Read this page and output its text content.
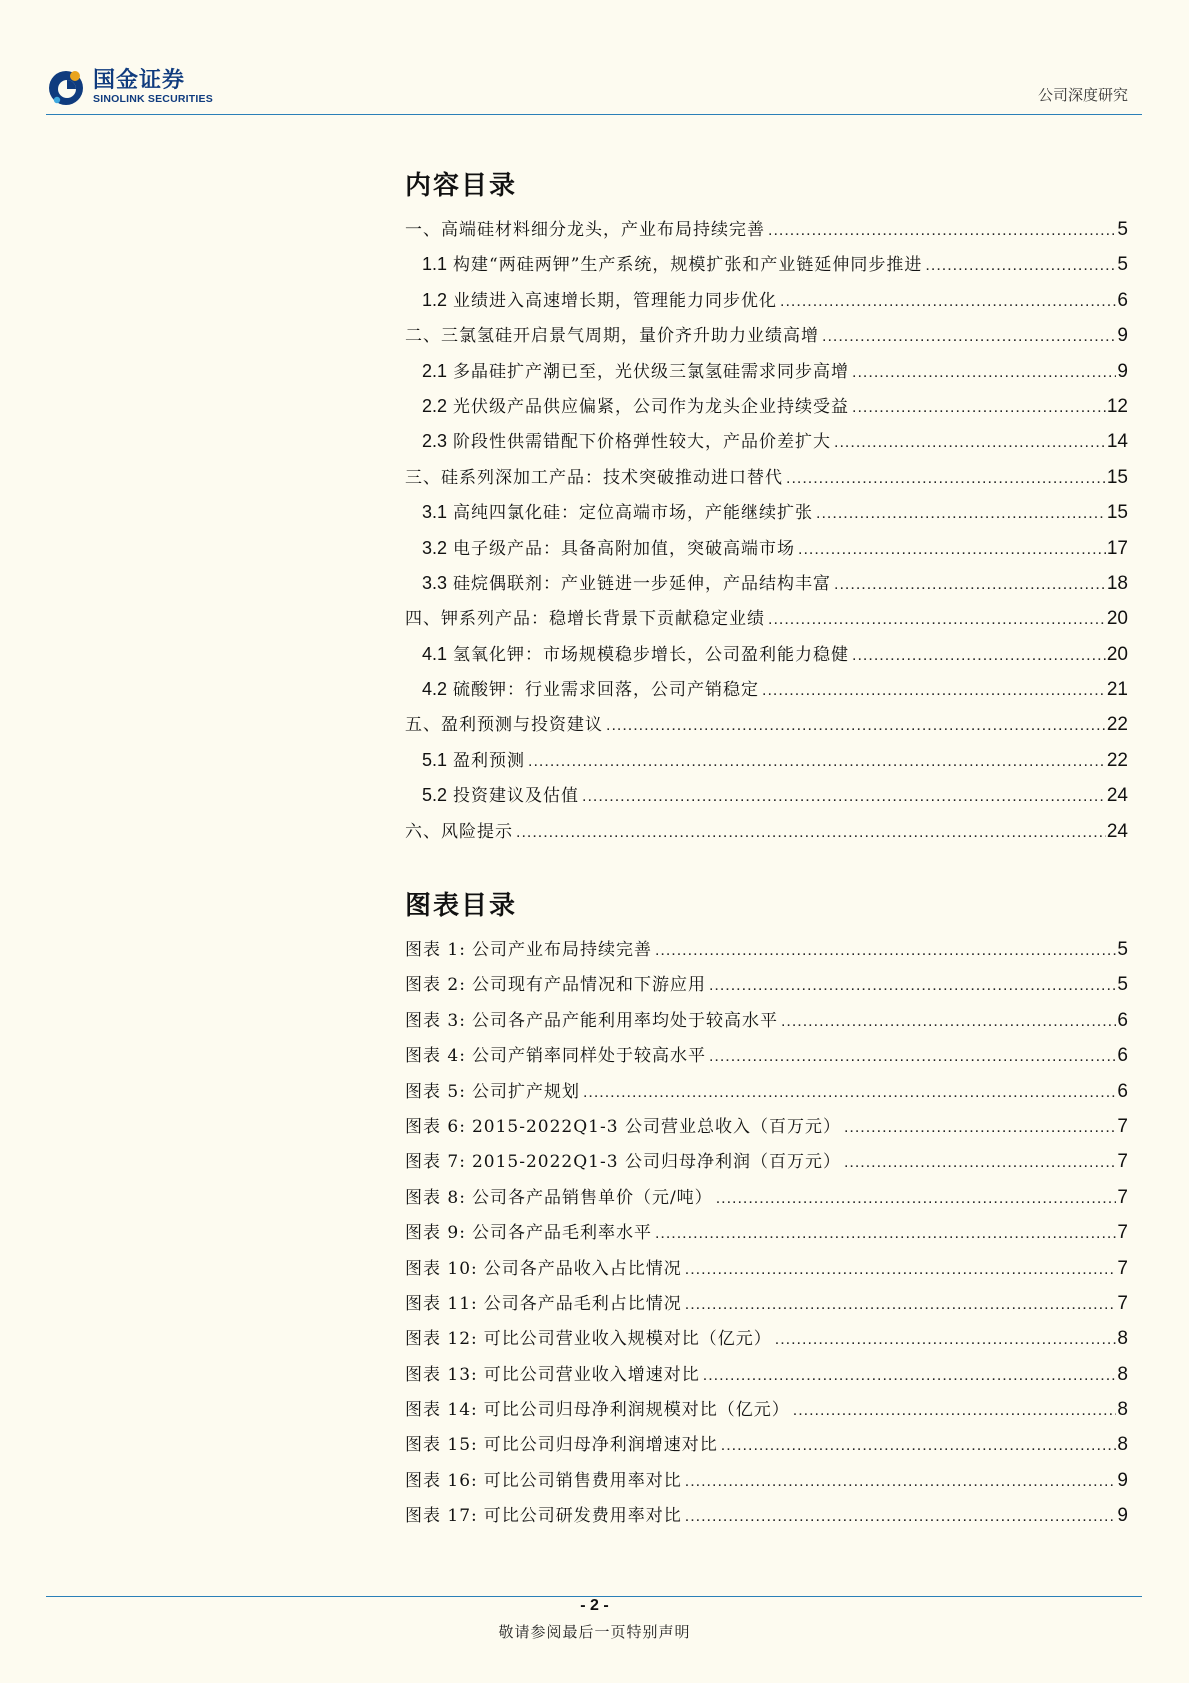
国金证券
SINOLINK SECURITIES	公司深度研究
内容目录
一、高端硅材料细分龙头，产业布局持续完善 .....	5
1.1 构建“两硅两钾”生产系统，规模扩张和产业链延伸同步推进 .....	5
1.2 业绩进入高速增长期，管理能力同步优化 .....	6
二、三氯氢硅开启景气周期，量价齐升助力业绩高增 .....	9
2.1 多晶硅扩产潮已至，光伏级三氯氢硅需求同步高增 .....	9
2.2 光伏级产品供应偏紧，公司作为龙头企业持续受益 .....	12
2.3 阶段性供需错配下价格弹性较大，产品价差扩大 .....	14
三、硅系列深加工产品：技术突破推动进口替代 .....	15
3.1 高纯四氯化硅：定位高端市场，产能继续扩张 .....	15
3.2 电子级产品：具备高附加值，突破高端市场 .....	17
3.3 硅烷偶联剂：产业链进一步延伸，产品结构丰富 .....	18
四、钾系列产品：稳增长背景下贡献稳定业绩 .....	20
4.1 氢氧化钾：市场规模稳步增长，公司盈利能力稳健 .....	20
4.2 硫酸钾：行业需求回落，公司产销稳定 .....	21
五、盈利预测与投资建议 .....	22
5.1 盈利预测 .....	22
5.2 投资建议及估值 .....	24
六、风险提示 .....	24
图表目录
图表 1: 公司产业布局持续完善 .....	5
图表 2: 公司现有产品情况和下游应用 .....	5
图表 3: 公司各产品产能利用率均处于较高水平 .....	6
图表 4: 公司产销率同样处于较高水平 .....	6
图表 5: 公司扩产规划 .....	6
图表 6: 2015-2022Q1-3 公司营业总收入（百万元） .....	7
图表 7: 2015-2022Q1-3 公司归母净利润（百万元） .....	7
图表 8: 公司各产品销售单价（元/吨） .....	7
图表 9: 公司各产品毛利率水平 .....	7
图表 10: 公司各产品收入占比情况 .....	7
图表 11: 公司各产品毛利占比情况 .....	7
图表 12: 可比公司营业收入规模对比（亿元） .....	8
图表 13: 可比公司营业收入增速对比 .....	8
图表 14: 可比公司归母净利润规模对比（亿元） .....	8
图表 15: 可比公司归母净利润增速对比 .....	8
图表 16: 可比公司销售费用率对比 .....	9
图表 17: 可比公司研发费用率对比 .....	9
- 2 -
敬请参阅最后一页特别声明
